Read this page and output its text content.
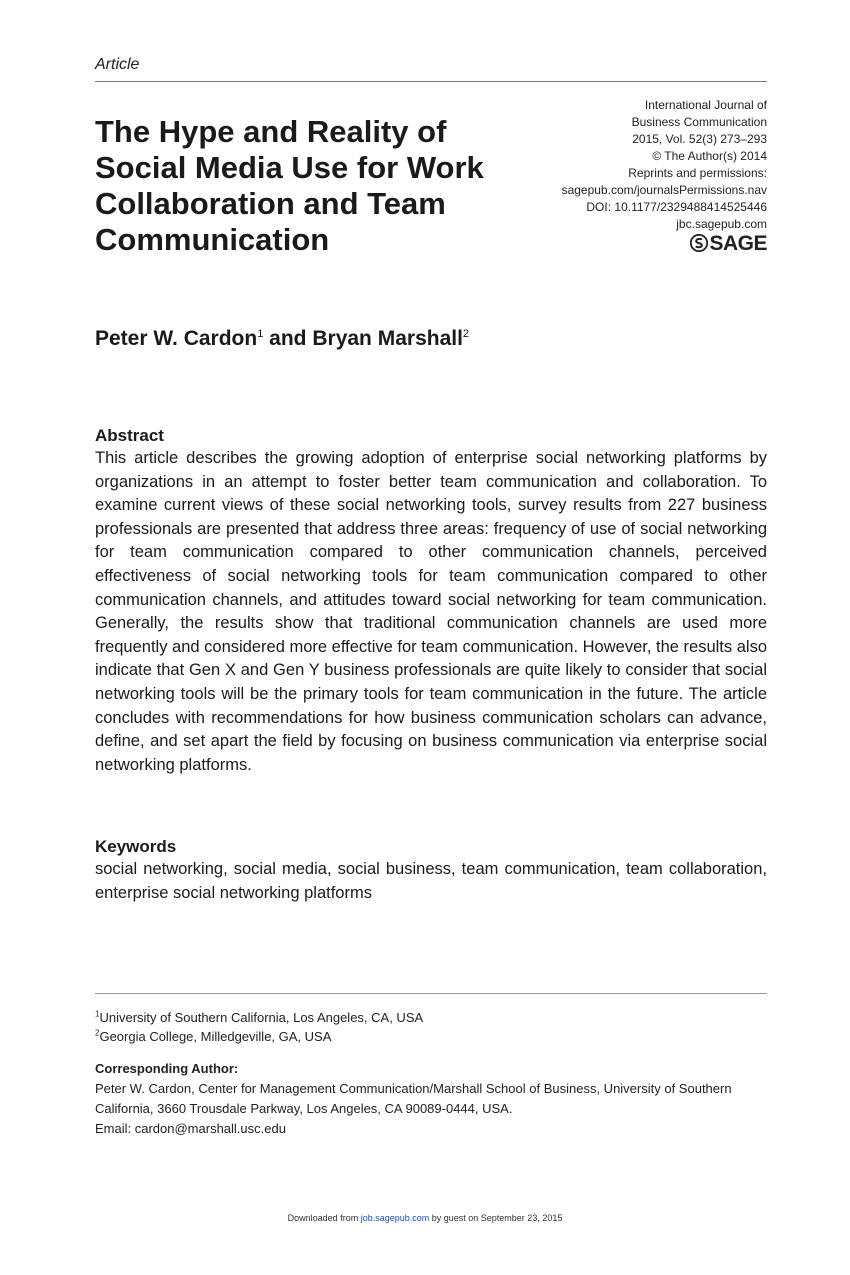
Article
The Hype and Reality of Social Media Use for Work Collaboration and Team Communication
International Journal of
Business Communication
2015, Vol. 52(3) 273–293
© The Author(s) 2014
Reprints and permissions:
sagepub.com/journalsPermissions.nav
DOI: 10.1177/2329488414525446
jbc.sagepub.com
SAGE
Peter W. Cardon$^1$ and Bryan Marshall$^2$
Abstract

This article describes the growing adoption of enterprise social networking platforms by organizations in an attempt to foster better team communication and collaboration. To examine current views of these social networking tools, survey results from 227 business professionals are presented that address three areas: frequency of use of social networking for team communication compared to other communication channels, perceived effectiveness of social networking tools for team communication compared to other communication channels, and attitudes toward social networking for team communication. Generally, the results show that traditional communication channels are used more frequently and considered more effective for team communication. However, the results also indicate that Gen X and Gen Y business professionals are quite likely to consider that social networking tools will be the primary tools for team communication in the future. The article concludes with recommendations for how business communication scholars can advance, define, and set apart the field by focusing on business communication via enterprise social networking platforms.

Keywords

social networking, social media, social business, team communication, team collaboration, enterprise social networking platforms

$^1$University of Southern California, Los Angeles, CA, USA
$^2$Georgia College, Milledgeville, GA, USA
Corresponding Author:
Peter W. Cardon, Center for Management Communication/Marshall School of Business, University of Southern California, 3660 Trousdale Parkway, Los Angeles, CA 90089-0444, USA.
Email: cardon@marshall.usc.edu
Downloaded from job.sagepub.com by guest on September 23, 2015
